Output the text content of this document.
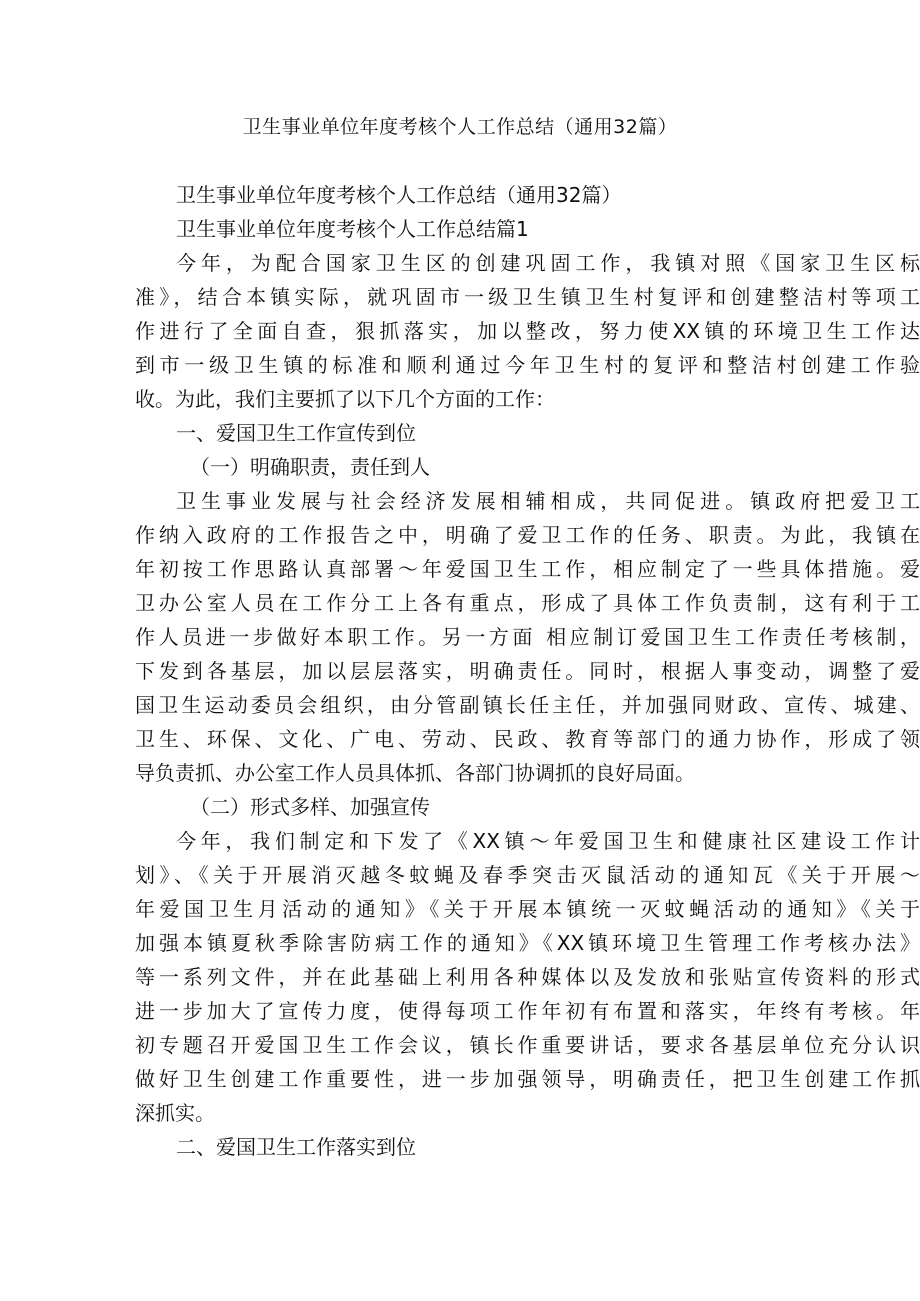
卫生事业单位年度考核个人工作总结（通用32篇）
卫生事业单位年度考核个人工作总结（通用32篇）
卫生事业单位年度考核个人工作总结篇1
今年，为配合国家卫生区的创建巩固工作，我镇对照《国家卫生区标
准》，结合本镇实际，就巩固市一级卫生镇卫生村复评和创建整洁村等项工
作进行了全面自查，狠抓落实，加以整改，努力使XX镇的环境卫生工作达
到市一级卫生镇的标准和顺利通过今年卫生村的复评和整洁村创建工作验
收。为此，我们主要抓了以下几个方面的工作：
一、爱国卫生工作宣传到位
（一）明确职责，责任到人
卫生事业发展与社会经济发展相辅相成，共同促进。镇政府把爱卫工
作纳入政府的工作报告之中，明确了爱卫工作的任务、职责。为此，我镇在
年初按工作思路认真部署〜年爱国卫生工作，相应制定了一些具体措施。爱
卫办公室人员在工作分工上各有重点，形成了具体工作负责制，这有利于工
作人员进一步做好本职工作。另一方面 相应制订爱国卫生工作责任考核制，
下发到各基层，加以层层落实，明确责任。同时，根据人事变动，调整了爱
国卫生运动委员会组织，由分管副镇长任主任，并加强同财政、宣传、城建、
卫生、环保、文化、广电、劳动、民政、教育等部门的通力协作，形成了领
导负责抓、办公室工作人员具体抓、各部门协调抓的良好局面。
（二）形式多样、加强宣传
今年，我们制定和下发了《XX镇〜年爱国卫生和健康社区建设工作计
划》、《关于开展消灭越冬蚊蝇及春季突击灭鼠活动的通知瓦《关于开展〜
年爱国卫生月活动的通知》《关于开展本镇统一灭蚊蝇活动的通知》《关于
加强本镇夏秋季除害防病工作的通知》《XX镇环境卫生管理工作考核办法》
等一系列文件，并在此基础上利用各种媒体以及发放和张贴宣传资料的形式
进一步加大了宣传力度，使得每项工作年初有布置和落实，年终有考核。年
初专题召开爱国卫生工作会议，镇长作重要讲话，要求各基层单位充分认识
做好卫生创建工作重要性，进一步加强领导，明确责任，把卫生创建工作抓
深抓实。
二、爱国卫生工作落实到位
